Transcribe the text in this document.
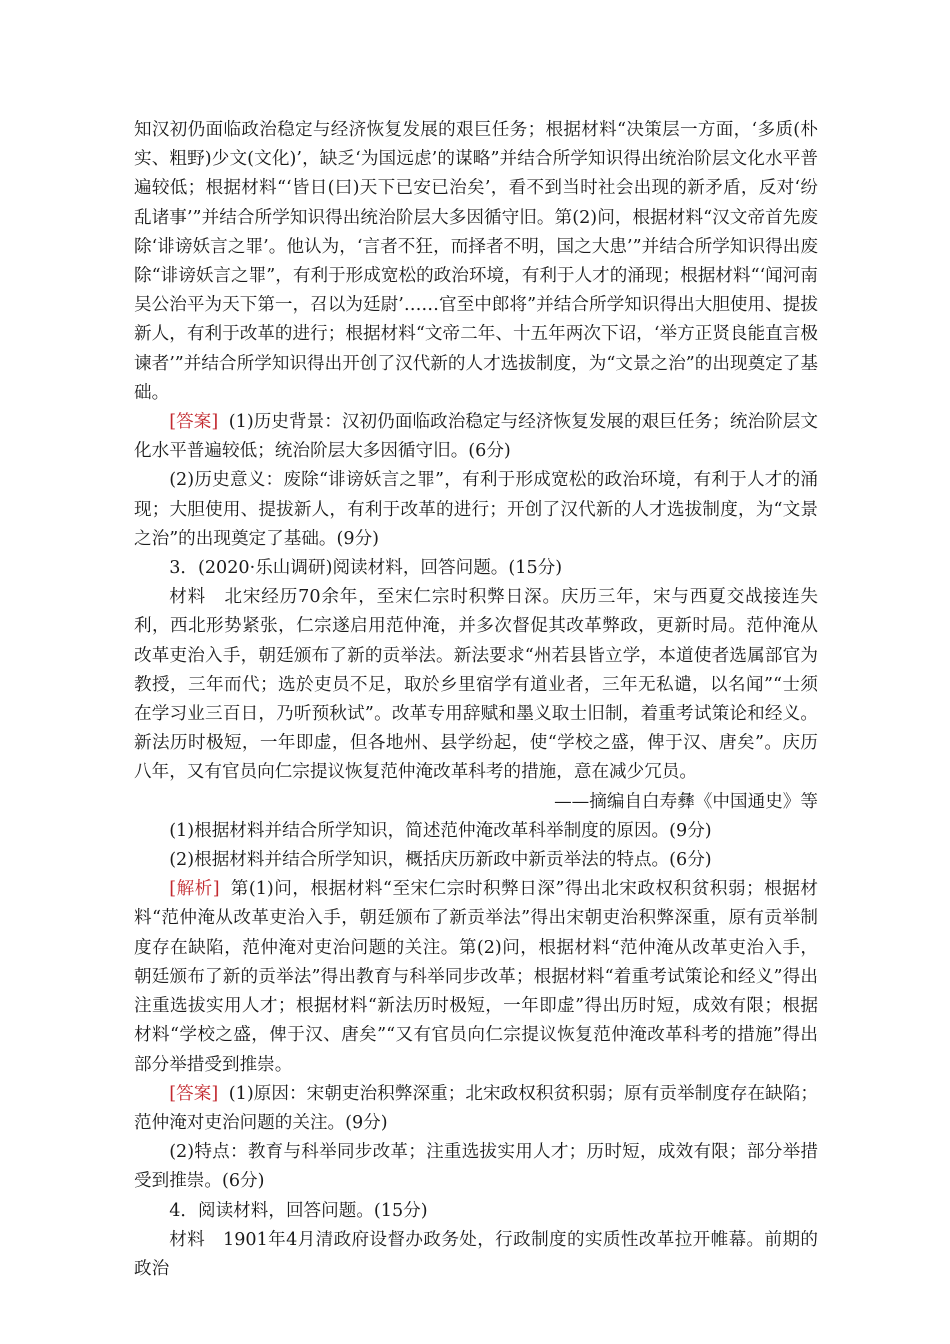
知汉初仍面临政治稳定与经济恢复发展的艰巨任务；根据材料“决策层一方面，‘多质(朴实、粗野)少文(文化)’，缺乏‘为国远虑’的谋略”并结合所学知识得出统治阶层文化水平普遍较低；根据材料“‘皆日(曰)天下已安已治矣’，看不到当时社会出现的新矛盾，反对‘纷乱诸事’”并结合所学知识得出统治阶层大多因循守旧。第(2)问，根据材料“汉文帝首先废除‘诽谤妖言之罪’。他认为，‘言者不狂，而择者不明，国之大患’”并结合所学知识得出废除“诽谤妖言之罪”，有利于形成宽松的政治环境，有利于人才的涌现；根据材料“‘闻河南吴公治平为天下第一，召以为廷尉’……官至中郎将”并结合所学知识得出大胆使用、提拔新人，有利于改革的进行；根据材料“文帝二年、十五年两次下诏，‘举方正贤良能直言极谏者’”并结合所学知识得出开创了汉代新的人才选拔制度，为“文景之治”的出现奠定了基础。

[答案] (1)历史背景：汉初仍面临政治稳定与经济恢复发展的艰巨任务；统治阶层文化水平普遍较低；统治阶层大多因循守旧。(6分)

(2)历史意义：废除“诽谤妖言之罪”，有利于形成宽松的政治环境，有利于人才的涌现；大胆使用、提拔新人，有利于改革的进行；开创了汉代新的人才选拔制度，为“文景之治”的出现奠定了基础。(9分)

3．(2020·乐山调研)阅读材料，回答问题。(15分)

材料　北宋经历70余年，至宋仁宗时积弊日深。庆历三年，宋与西夏交战接连失利，西北形势紧张，仁宗遂启用范仲淹，并多次督促其改革弊政，更新时局。范仲淹从改革吏治入手，朝廷颁布了新的贡举法。新法要求“州若县皆立学，本道使者选属部官为教授，三年而代；选於吏员不足，取於乡里宿学有道业者，三年无私谴，以名闻”“士须在学习业三百日，乃听预秋试”。改革专用辞赋和墨义取士旧制，着重考试策论和经义。新法历时极短，一年即虚，但各地州、县学纷起，使“学校之盛，俾于汉、唐矣”。庆历八年，又有官员向仁宗提议恢复范仲淹改革科考的措施，意在减少冗员。

——摘编自白寿彝《中国通史》等

(1)根据材料并结合所学知识，简述范仲淹改革科举制度的原因。(9分)

(2)根据材料并结合所学知识，概括庆历新政中新贡举法的特点。(6分)

[解析] 第(1)问，根据材料“至宋仁宗时积弊日深”得出北宋政权积贫积弱；根据材料“范仲淹从改革吏治入手，朝廷颁布了新贡举法”得出宋朝吏治积弊深重，原有贡举制度存在缺陷，范仲淹对吏治问题的关注。第(2)问，根据材料“范仲淹从改革吏治入手，朝廷颁布了新的贡举法”得出教育与科举同步改革；根据材料“着重考试策论和经义”得出注重选拔实用人才；根据材料“新法历时极短，一年即虚”得出历时短，成效有限；根据材料“学校之盛，俾于汉、唐矣”“又有官员向仁宗提议恢复范仲淹改革科考的措施”得出部分举措受到推崇。

[答案] (1)原因：宋朝吏治积弊深重；北宋政权积贫积弱；原有贡举制度存在缺陷；范仲淹对吏治问题的关注。(9分)

(2)特点：教育与科举同步改革；注重选拔实用人才；历时短，成效有限；部分举措受到推崇。(6分)

4．阅读材料，回答问题。(15分)

材料　1901年4月清政府设督办政务处，行政制度的实质性改革拉开帷幕。前期的政治
